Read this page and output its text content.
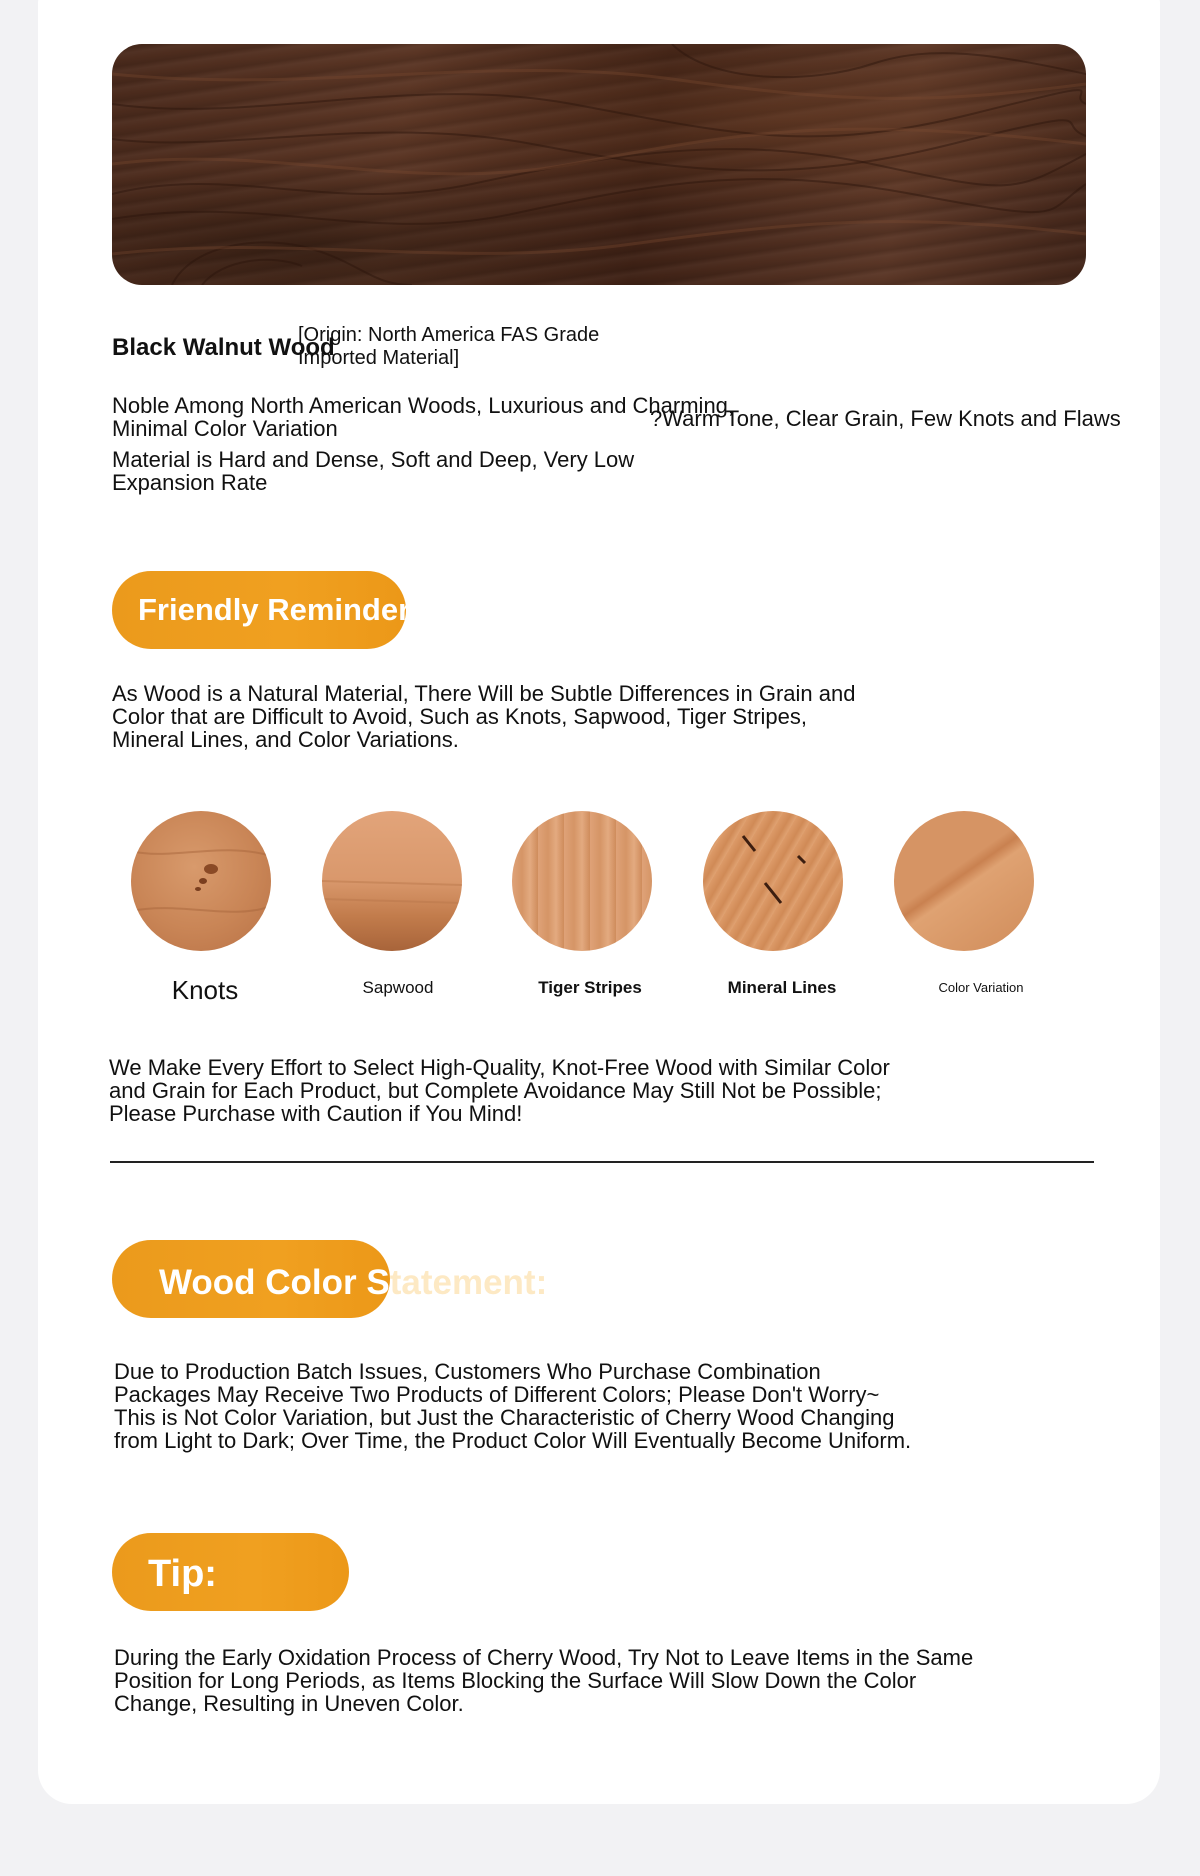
Black Walnut Wood
[Origin: North America FAS Grade
Imported Material]
Noble Among North American Woods, Luxurious and Charming,
Minimal Color Variation	?Warm Tone, Clear Grain, Few Knots and Flaws
Material is Hard and Dense, Soft and Deep, Very Low
Expansion Rate
Friendly Reminder
As Wood is a Natural Material, There Will be Subtle Differences in Grain and
Color that are Difficult to Avoid, Such as Knots, Sapwood, Tiger Stripes,
Mineral Lines, and Color Variations.
Knots	Sapwood	Tiger Stripes	Mineral Lines	Color Variation
We Make Every Effort to Select High-Quality, Knot-Free Wood with Similar Color
and Grain for Each Product, but Complete Avoidance May Still Not be Possible;
Please Purchase with Caution if You Mind!
Wood Color Statement:
Due to Production Batch Issues, Customers Who Purchase Combination
Packages May Receive Two Products of Different Colors; Please Don't Worry~
This is Not Color Variation, but Just the Characteristic of Cherry Wood Changing
from Light to Dark; Over Time, the Product Color Will Eventually Become Uniform.
Tip:
During the Early Oxidation Process of Cherry Wood, Try Not to Leave Items in the Same
Position for Long Periods, as Items Blocking the Surface Will Slow Down the Color
Change, Resulting in Uneven Color.
